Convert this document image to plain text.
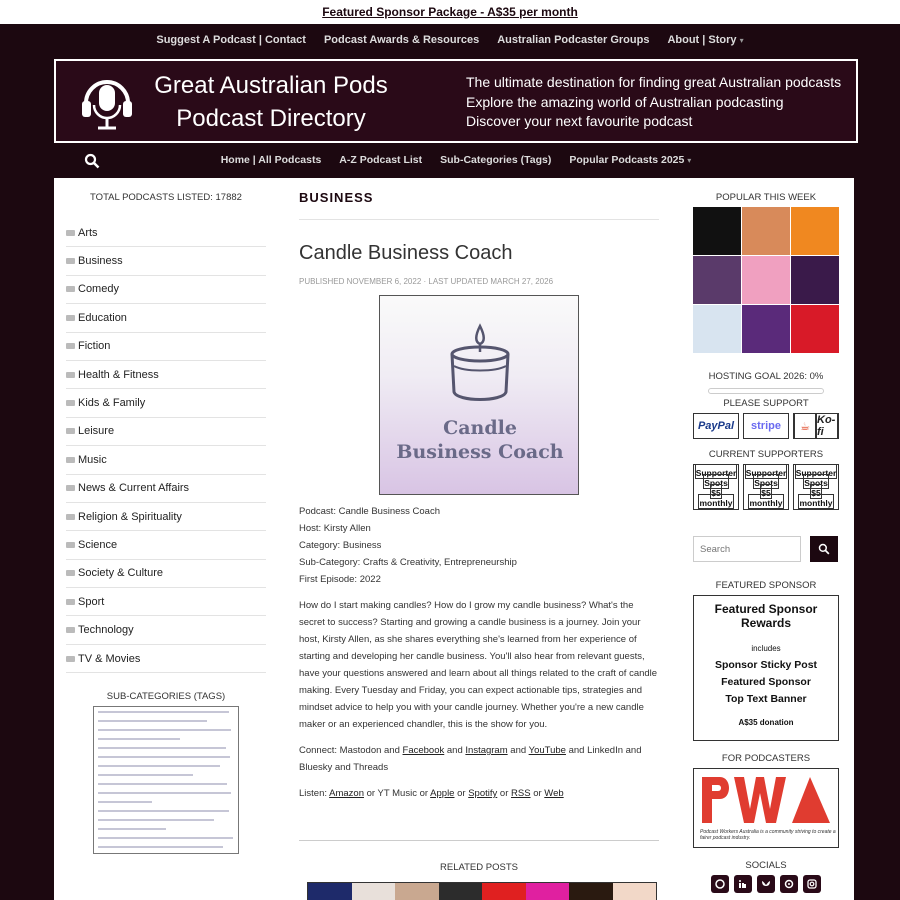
Featured Sponsor Package - A$35 per month
Suggest A Podcast | Contact Podcast Awards & Resources Australian Podcaster Groups About | Story ▾
Great Australian Pods
Podcast Directory
The ultimate destination for finding great Australian podcasts
Explore the amazing world of Australian podcasting
Discover your next favourite podcast
Home | All Podcasts A-Z Podcast List Sub-Categories (Tags) Popular Podcasts 2025 ▾
TOTAL PODCASTS LISTED: 17882
Arts
Business
Comedy
Education
Fiction
Health & Fitness
Kids & Family
Leisure
Music
News & Current Affairs
Religion & Spirituality
Science
Society & Culture
Sport
Technology
TV & Movies
SUB-CATEGORIES (TAGS)
BUSINESS
Candle Business Coach
PUBLISHED NOVEMBER 6, 2022 · LAST UPDATED MARCH 27, 2026
Candle
Business Coach
Podcast: Candle Business Coach
Host: Kirsty Allen
Category: Business
Sub-Category: Crafts & Creativity, Entrepreneurship
First Episode: 2022
How do I start making candles? How do I grow my candle business? What's the secret to success? Starting and growing a candle business is a journey. Join your host, Kirsty Allen, as she shares everything she's learned from her experience of starting and developing her candle business. You'll also hear from relevant guests, have your questions answered and learn about all things related to the craft of candle making. Every Tuesday and Friday, you can expect actionable tips, strategies and mindset advice to help you with your candle journey. Whether you're a new candle maker or an experienced chandler, this is the show for you.
Connect: Mastodon and Facebook and Instagram and YouTube and LinkedIn and Bluesky and Threads
Listen: Amazon or YT Music or Apple or Spotify or RSS or Web
RELATED POSTS
POPULAR THIS WEEK
HOSTING GOAL 2026: 0%
PLEASE SUPPORT
PayPal	stripe	☕
Ko-fi
CURRENT SUPPORTERS
Supporter
Spots
$5
monthly
Supporter
Spots
$5
monthly
Supporter
Spots
$5
monthly
Search
FEATURED SPONSOR
Featured Sponsor Rewards
includes
Sponsor Sticky Post
Featured Sponsor
Top Text Banner
A$35 donation
FOR PODCASTERS
Podcast Workers Australia is a community striving to create a fairer podcast industry.
SOCIALS
